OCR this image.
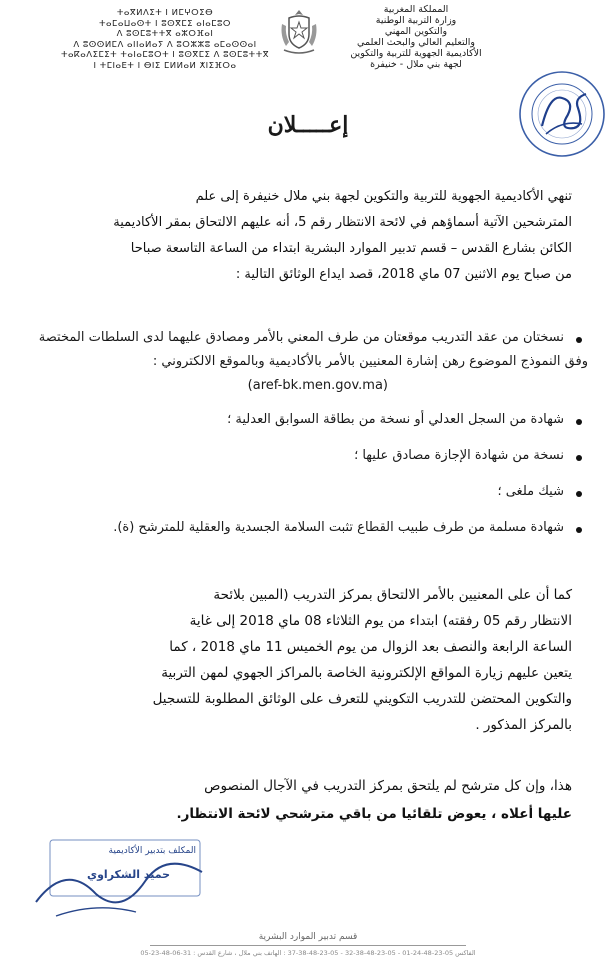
ⵜⴰⴳⵍⴷⵉⵜ ⵏ ⵍⵎⵖⵔⵉⴱ
ⵜⴰⵎⴰⵡⴰⵙⵜ ⵏ ⵓⵙⴳⵎⵉ ⴰⵏⴰⵎⵓⵔ
ⴷ ⵓⵙⵎⵓⵜⵜⴳ ⴰⵣⵔⴼⴰⵏ
ⴷ ⵓⵙⵙⵍⵎⴷ ⴰⵏⵏⴰⵍⴰⵢ ⴷ ⵓⵔⵣⵣⵓ ⴰⵎⴰⵙⵙⴰⵏ
ⵜⴰⴽⴰⴷⵉⵎⵉⵜ ⵜⴰⵏⴰⵎⵓⵔⵜ ⵏ ⵓⵙⴳⵎⵉ ⴷ ⵓⵙⵎⵓⵜⵜⴳ
ⵏ ⵜⵎⵏⴰⴹⵜ ⵏ ⴱⵏⵉ ⵎⵍⵍⴰⵍ ⵅⵏⵉⴼⵔⴰ
المملكة المغربية
وزارة التربية الوطنية
والتكوين المهني
والتعليم العالي والبحث العلمي
الأكاديمية الجهوية للتربية والتكوين
لجهة بني ملال - خنيفرة
إعـــــلان
تنهي الأكاديمية الجهوية للتربية والتكوين لجهة بني ملال خنيفرة إلى علم
المترشحين الآتية أسماؤهم في لائحة الانتظار رقم 5، أنه عليهم الالتحاق بمقر الأكاديمية
الكائن بشارع القدس – قسم تدبير الموارد البشرية ابتداء من الساعة التاسعة صباحا
من صباح يوم الاثنين 07 ماي 2018، قصد ايداع الوثائق التالية :
نسختان من عقد التدريب موقعتان من طرف المعني بالأمر ومصادق عليهما لدى السلطات المختصة
وفق النموذج الموضوع رهن إشارة المعنيين بالأمر بالأكاديمية وبالموقع الالكتروني :
(aref-bk.men.gov.ma)
شهادة من السجل العدلي أو نسخة من بطاقة السوابق العدلية ؛
نسخة من شهادة الإجازة مصادق عليها ؛
شيك ملغى ؛
شهادة مسلمة من طرف طبيب القطاع تثبت السلامة الجسدية والعقلية للمترشح (ة).
كما أن على المعنيين بالأمر الالتحاق بمركز التدريب (المبين بلائحة
الانتظار رقم 05 رفقته) ابتداء من يوم الثلاثاء 08 ماي 2018 إلى غاية
الساعة الرابعة والنصف بعد الزوال من يوم الخميس 11 ماي 2018 ، كما
يتعين عليهم زيارة المواقع الإلكترونية الخاصة بالمراكز الجهوي لمهن التربية
والتكوين المحتضن للتدريب التكويني للتعرف على الوثائق المطلوبة للتسجيل
بالمركز المذكور .
هذا، وإن كل مترشح لم يلتحق بمركز التدريب في الآجال المنصوص
عليها أعلاه ، يعوض تلقائيا من باقي مترشحي لائحة الانتظار.
المكلف بتدبير الأكاديمية
حميد الشكراوي
قسم تدبير الموارد البشرية
05-23-48-06-31 : الفاكس 05-23-48-24-01 - 05-23-48-38-32 - 05-23-48-38-37 : الهاتف بني ملال ، شارع القدس
